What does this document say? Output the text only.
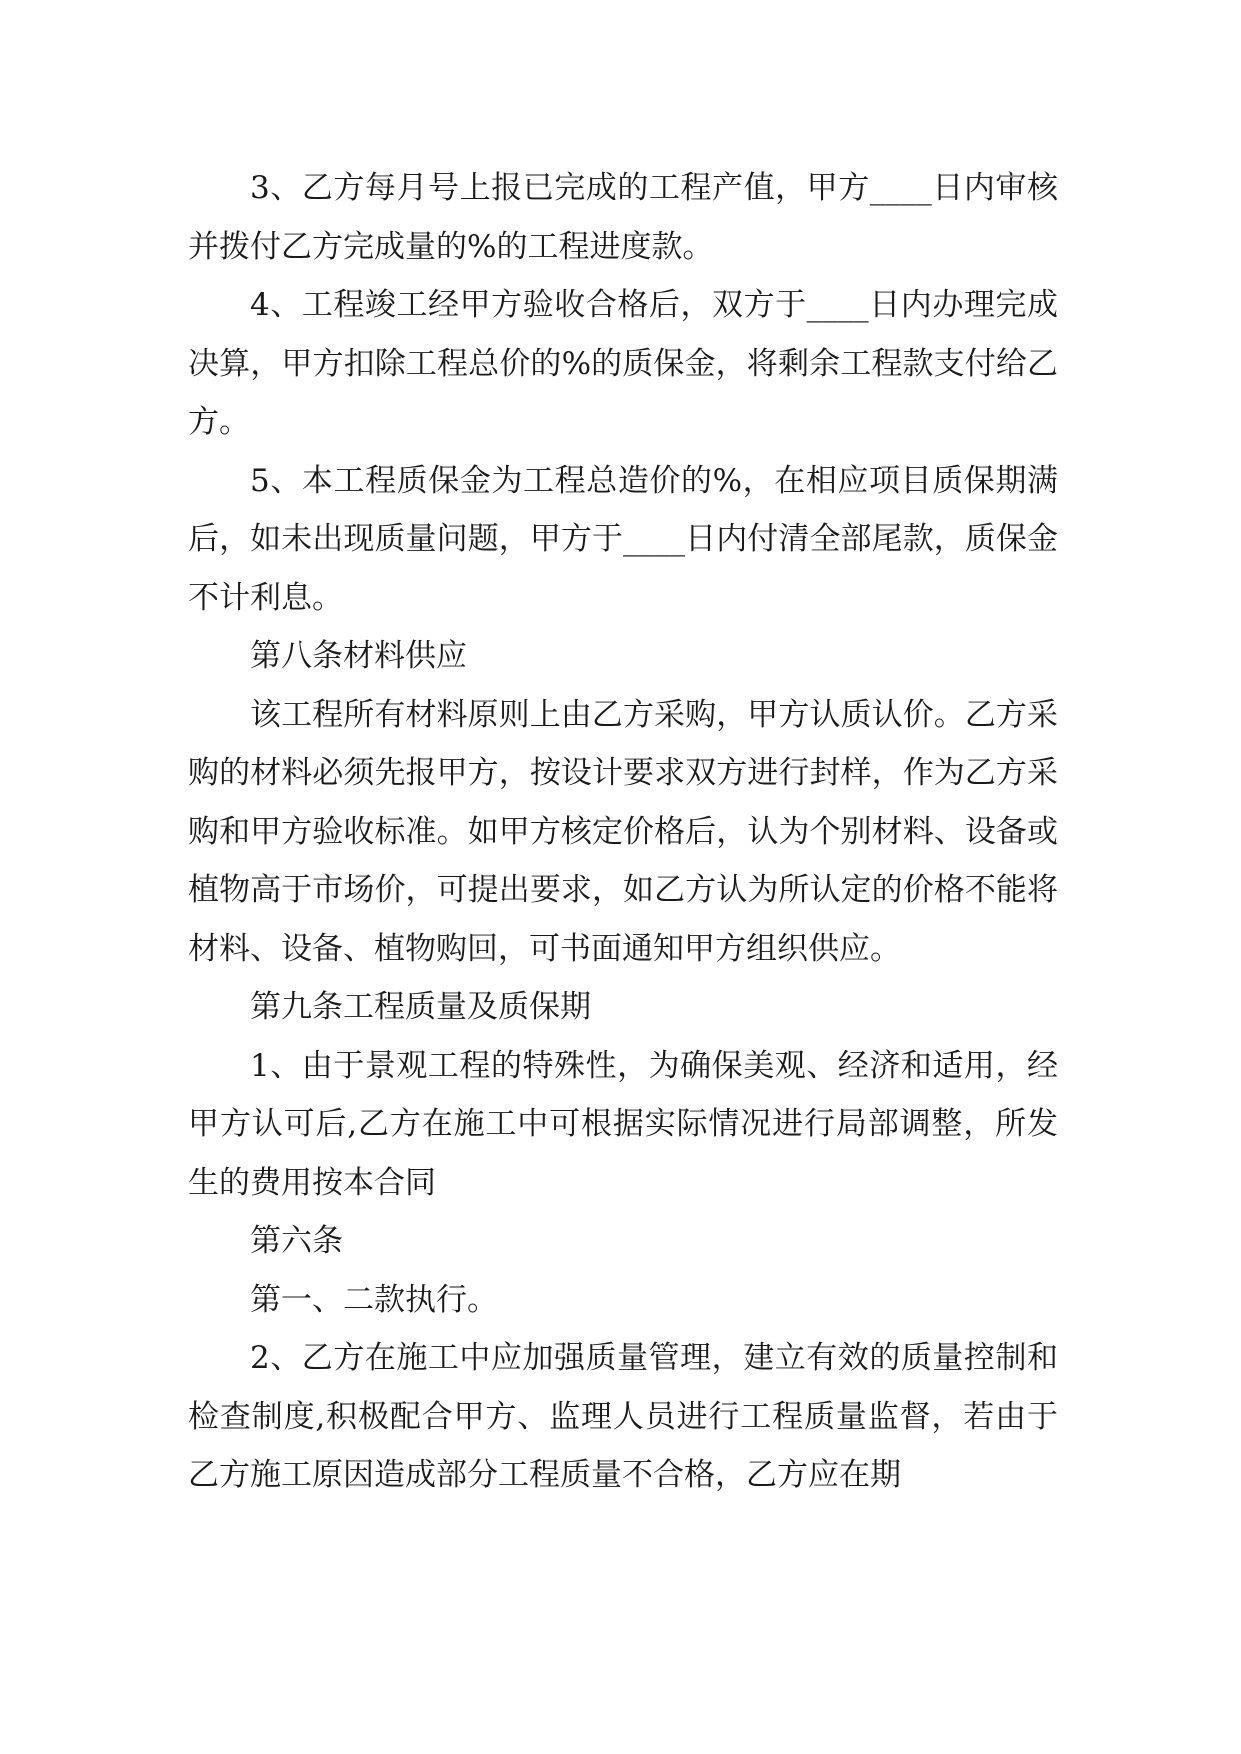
3、乙方每月号上报已完成的工程产值，甲方____日内审核并拨付乙方完成量的%的工程进度款。

4、工程竣工经甲方验收合格后，双方于____日内办理完成决算，甲方扣除工程总价的%的质保金，将剩余工程款支付给乙方。

5、本工程质保金为工程总造价的%，在相应项目质保期满后，如未出现质量问题，甲方于____日内付清全部尾款，质保金不计利息。

第八条材料供应

该工程所有材料原则上由乙方采购，甲方认质认价。乙方采购的材料必须先报甲方，按设计要求双方进行封样，作为乙方采购和甲方验收标准。如甲方核定价格后，认为个别材料、设备或植物高于市场价，可提出要求，如乙方认为所认定的价格不能将材料、设备、植物购回，可书面通知甲方组织供应。

第九条工程质量及质保期

1、由于景观工程的特殊性，为确保美观、经济和适用，经甲方认可后,乙方在施工中可根据实际情况进行局部调整，所发生的费用按本合同

第六条

第一、二款执行。

2、乙方在施工中应加强质量管理，建立有效的质量控制和检查制度,积极配合甲方、监理人员进行工程质量监督，若由于乙方施工原因造成部分工程质量不合格，乙方应在期
